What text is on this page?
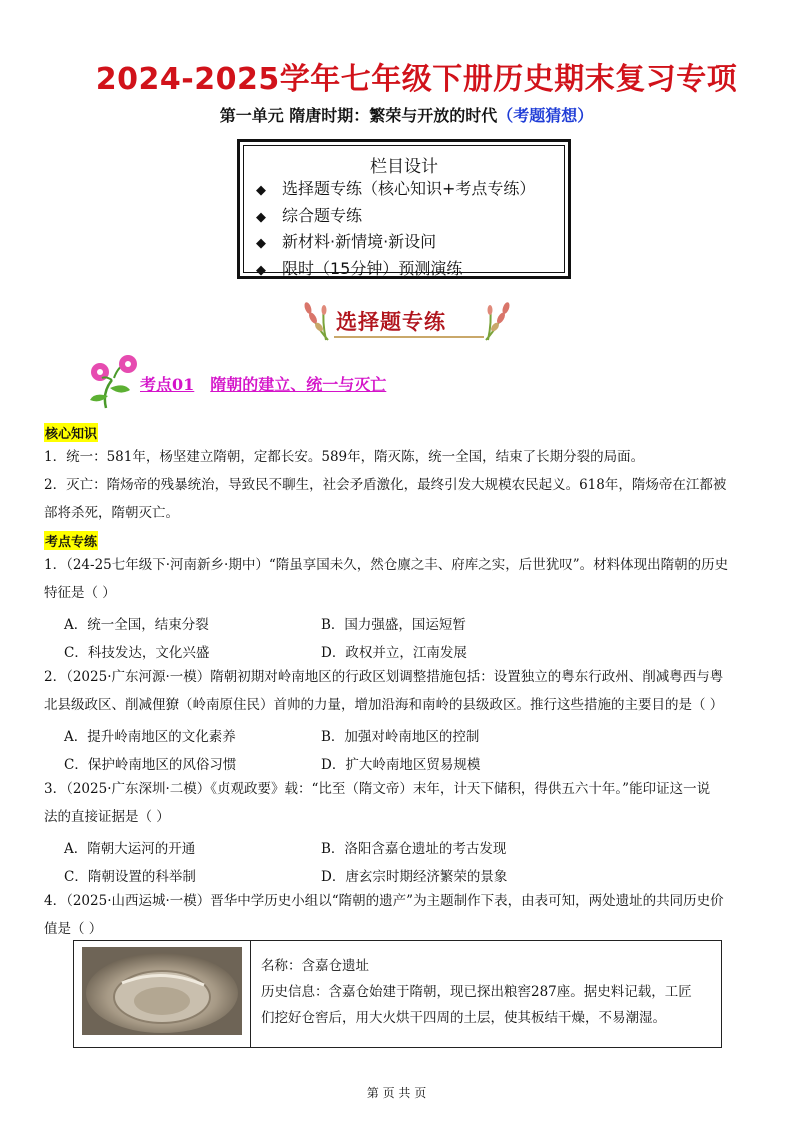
2024-2025学年七年级下册历史期末复习专项
第一单元 隋唐时期：繁荣与开放的时代（考题猜想）
栏目设计
◆ 选择题专练（核心知识+考点专练）
◆ 综合题专练
◆ 新材料·新情境·新设问
◆ 限时（15分钟）预测演练
选择题专练
考点01 隋朝的建立、统一与灭亡
核心知识
1．统一：581年，杨坚建立隋朝，定都长安。589年，隋灭陈，统一全国，结束了长期分裂的局面。
2．灭亡：隋炀帝的残暴统治，导致民不聊生，社会矛盾激化，最终引发大规模农民起义。618年，隋炀帝在江都被
部将杀死，隋朝灭亡。
考点专练
1．（24-25七年级下·河南新乡·期中）“隋虽享国未久，然仓廪之丰、府库之实，后世犹叹”。材料体现出隋朝的历史
特征是（ ）
A．统一全国，结束分裂	B．国力强盛，国运短暂
C．科技发达，文化兴盛	D．政权并立，江南发展
2．（2025·广东河源·一模）隋朝初期对岭南地区的行政区划调整措施包括：设置独立的粤东行政州、削减粤西与粤
北县级政区、削减俚獠（岭南原住民）首帅的力量，增加沿海和南岭的县级政区。推行这些措施的主要目的是（ ）
A．提升岭南地区的文化素养	B．加强对岭南地区的控制
C．保护岭南地区的风俗习惯	D．扩大岭南地区贸易规模
3．（2025·广东深圳·二模）《贞观政要》载：“比至（隋文帝）末年，计天下储积，得供五六十年。”能印证这一说
法的直接证据是（ ）
A．隋朝大运河的开通	B．洛阳含嘉仓遗址的考古发现
C．隋朝设置的科举制	D．唐玄宗时期经济繁荣的景象
4．（2025·山西运城·一模）晋华中学历史小组以“隋朝的遗产”为主题制作下表，由表可知，两处遗址的共同历史价
值是（ ）
名称：含嘉仓遗址
历史信息：含嘉仓始建于隋朝，现已探出粮窖287座。据史料记载，工匠
们挖好仓窖后，用大火烘干四周的土层，使其板结干燥，不易潮湿。
第 页 共 页
